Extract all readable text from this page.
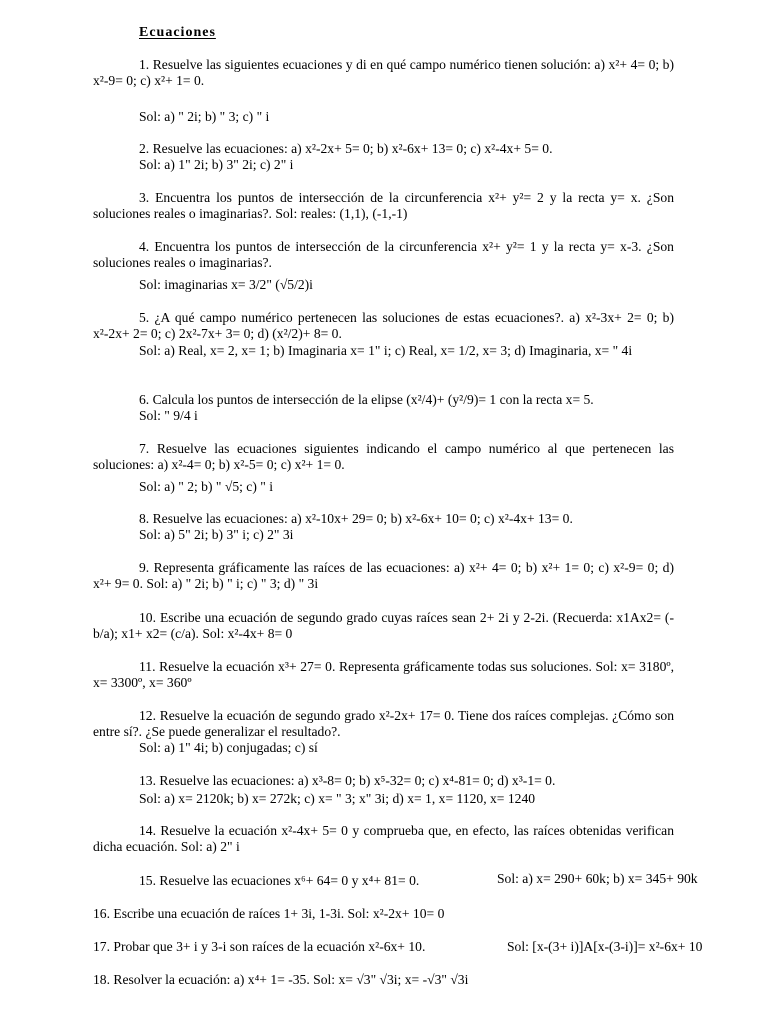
Ecuaciones
1. Resuelve las siguientes ecuaciones y di en qué campo numérico tienen solución: a) x²+ 4= 0; b) x²-9= 0; c) x²+ 1= 0.
Sol: a) " 2i; b) " 3; c) " i
2. Resuelve las ecuaciones: a) x²-2x+ 5= 0; b) x²-6x+ 13= 0; c) x²-4x+ 5= 0.
Sol: a) 1" 2i; b) 3" 2i; c) 2" i
3. Encuentra los puntos de intersección de la circunferencia x²+ y²= 2 y la recta y= x. ¿Son soluciones reales o imaginarias?. Sol: reales: (1,1), (-1,-1)
4. Encuentra los puntos de intersección de la circunferencia x²+ y²= 1 y la recta y= x-3. ¿Son soluciones reales o imaginarias?.
Sol: imaginarias x= 3/2" (√5/2)i
5. ¿A qué campo numérico pertenecen las soluciones de estas ecuaciones?. a) x²-3x+ 2= 0; b) x²-2x+ 2= 0; c) 2x²-7x+ 3= 0; d) (x²/2)+ 8= 0.
Sol: a) Real, x= 2, x= 1; b) Imaginaria x= 1" i; c) Real, x= 1/2, x= 3; d) Imaginaria, x= " 4i
6. Calcula los puntos de intersección de la elipse (x²/4)+ (y²/9)= 1 con la recta x= 5.
Sol: " 9/4 i
7. Resuelve las ecuaciones siguientes indicando el campo numérico al que pertenecen las soluciones: a) x²-4= 0; b) x²-5= 0; c) x²+ 1= 0.
Sol: a) " 2; b) " √5; c) " i
8. Resuelve las ecuaciones: a) x²-10x+ 29= 0; b) x²-6x+ 10= 0; c) x²-4x+ 13= 0.
Sol: a) 5" 2i; b) 3" i; c) 2" 3i
9. Representa gráficamente las raíces de las ecuaciones: a) x²+ 4= 0; b) x²+ 1= 0; c) x²-9= 0; d) x²+ 9= 0. Sol: a) " 2i; b) " i; c) " 3; d) " 3i
10. Escribe una ecuación de segundo grado cuyas raíces sean 2+ 2i y 2-2i. (Recuerda: x1Ax2= (-b/a); x1+ x2= (c/a). Sol: x²-4x+ 8= 0
11. Resuelve la ecuación x³+ 27= 0. Representa gráficamente todas sus soluciones. Sol: x= 3180º, x= 3300º, x= 360º
12. Resuelve la ecuación de segundo grado x²-2x+ 17= 0. Tiene dos raíces complejas. ¿Cómo son entre sí?. ¿Se puede generalizar el resultado?.
Sol: a) 1" 4i; b) conjugadas; c) sí
13. Resuelve las ecuaciones: a) x³-8= 0; b) x⁵-32= 0; c) x⁴-81= 0; d) x³-1= 0.
Sol: a) x= 2120k; b) x= 272k; c) x= " 3; x" 3i; d) x= 1, x= 1120, x= 1240
14. Resuelve la ecuación x²-4x+ 5= 0 y comprueba que, en efecto, las raíces obtenidas verifican dicha ecuación. Sol: a) 2" i
15. Resuelve las ecuaciones x⁶+ 64= 0 y x⁴+ 81= 0.	Sol: a) x= 290+ 60k; b) x= 345+ 90k
16. Escribe una ecuación de raíces 1+ 3i, 1-3i. Sol: x²-2x+ 10= 0
17. Probar que 3+ i y 3-i son raíces de la ecuación x²-6x+ 10.	Sol: [x-(3+ i)]A[x-(3-i)]= x²-6x+ 10
18. Resolver la ecuación: a) x⁴+ 1= -35. Sol: x= √3" √3i; x= -√3" √3i
